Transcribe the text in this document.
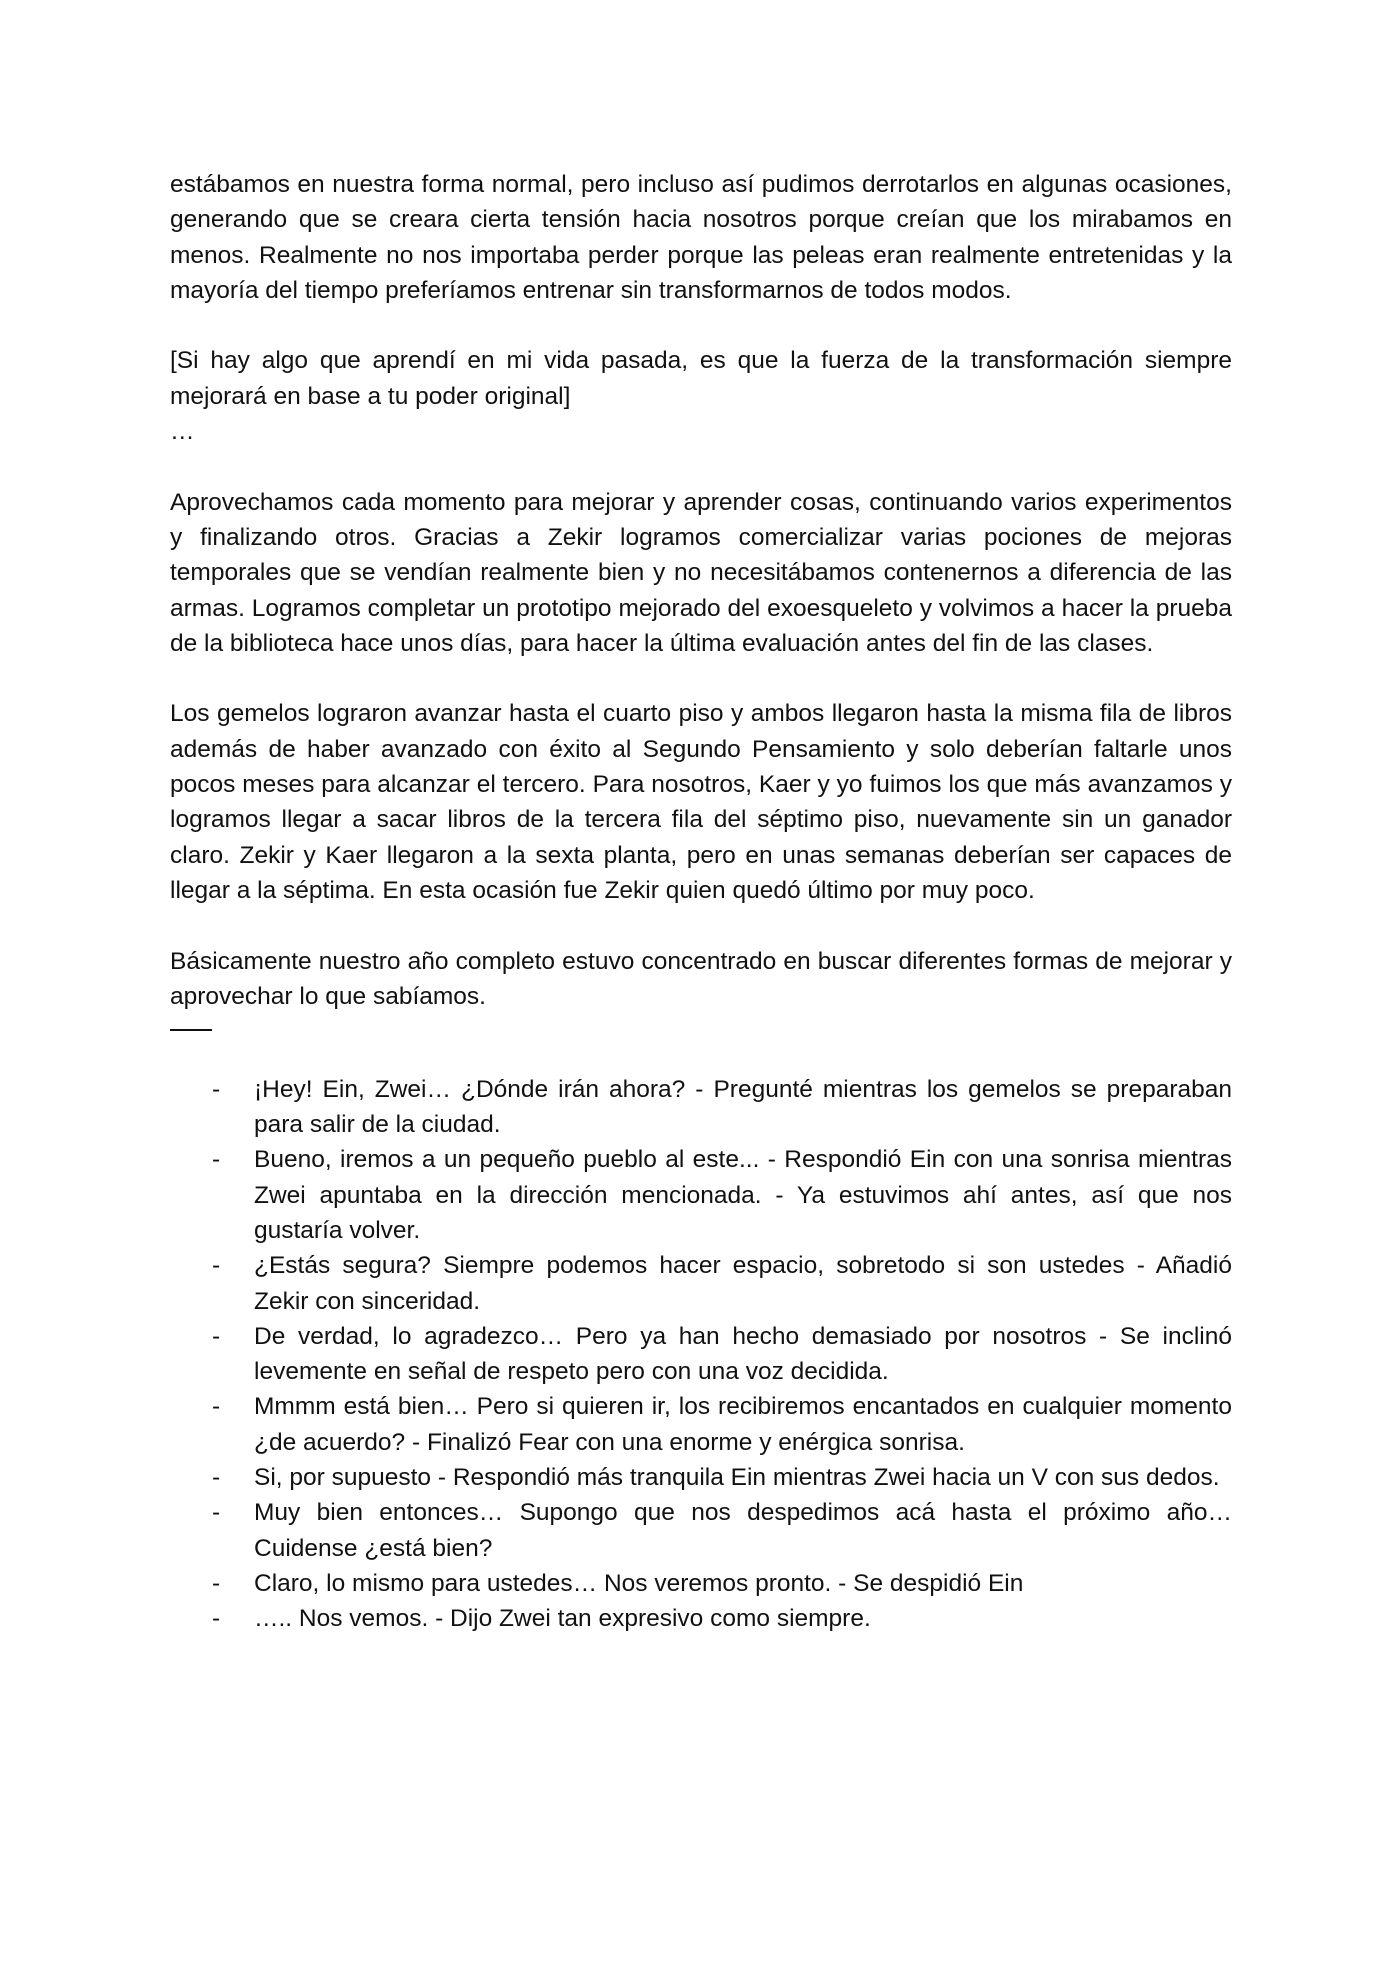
estábamos en nuestra forma normal, pero incluso así pudimos derrotarlos en algunas ocasiones, generando que se creara cierta tensión hacia nosotros porque creían que los mirabamos en menos. Realmente no nos importaba perder porque las peleas eran realmente entretenidas y la mayoría del tiempo preferíamos entrenar sin transformarnos de todos modos.

[Si hay algo que aprendí en mi vida pasada, es que la fuerza de la transformación siempre mejorará en base a tu poder original]

…

Aprovechamos cada momento para mejorar y aprender cosas, continuando varios experimentos y finalizando otros. Gracias a Zekir logramos comercializar varias pociones de mejoras temporales que se vendían realmente bien y no necesitábamos contenernos a diferencia de las armas. Logramos completar un prototipo mejorado del exoesqueleto y volvimos a hacer la prueba de la biblioteca hace unos días, para hacer la última evaluación antes del fin de las clases.

Los gemelos lograron avanzar hasta el cuarto piso y ambos llegaron hasta la misma fila de libros además de haber avanzado con éxito al Segundo Pensamiento y solo deberían faltarle unos pocos meses para alcanzar el tercero. Para nosotros, Kaer y yo fuimos los que más avanzamos y logramos llegar a sacar libros de la tercera fila del séptimo piso, nuevamente sin un ganador claro. Zekir y Kaer llegaron a la sexta planta, pero en unas semanas deberían ser capaces de llegar a la séptima. En esta ocasión fue Zekir quien quedó último por muy poco.

Básicamente nuestro año completo estuvo concentrado en buscar diferentes formas de mejorar y aprovechar lo que sabíamos.

- ¡Hey! Ein, Zwei… ¿Dónde irán ahora? - Pregunté mientras los gemelos se preparaban para salir de la ciudad.
- Bueno, iremos a un pequeño pueblo al este... - Respondió Ein con una sonrisa mientras Zwei apuntaba en la dirección mencionada. - Ya estuvimos ahí antes, así que nos gustaría volver.
- ¿Estás segura? Siempre podemos hacer espacio, sobretodo si son ustedes - Añadió Zekir con sinceridad.
- De verdad, lo agradezco… Pero ya han hecho demasiado por nosotros - Se inclinó levemente en señal de respeto pero con una voz decidida.
- Mmmm está bien… Pero si quieren ir, los recibiremos encantados en cualquier momento ¿de acuerdo? - Finalizó Fear con una enorme y enérgica sonrisa.
- Si, por supuesto - Respondió más tranquila Ein mientras Zwei hacia un V con sus dedos.
- Muy bien entonces… Supongo que nos despedimos acá hasta el próximo año… Cuidense ¿está bien?
- Claro, lo mismo para ustedes… Nos veremos pronto. - Se despidió Ein
- ….. Nos vemos. - Dijo Zwei tan expresivo como siempre.
